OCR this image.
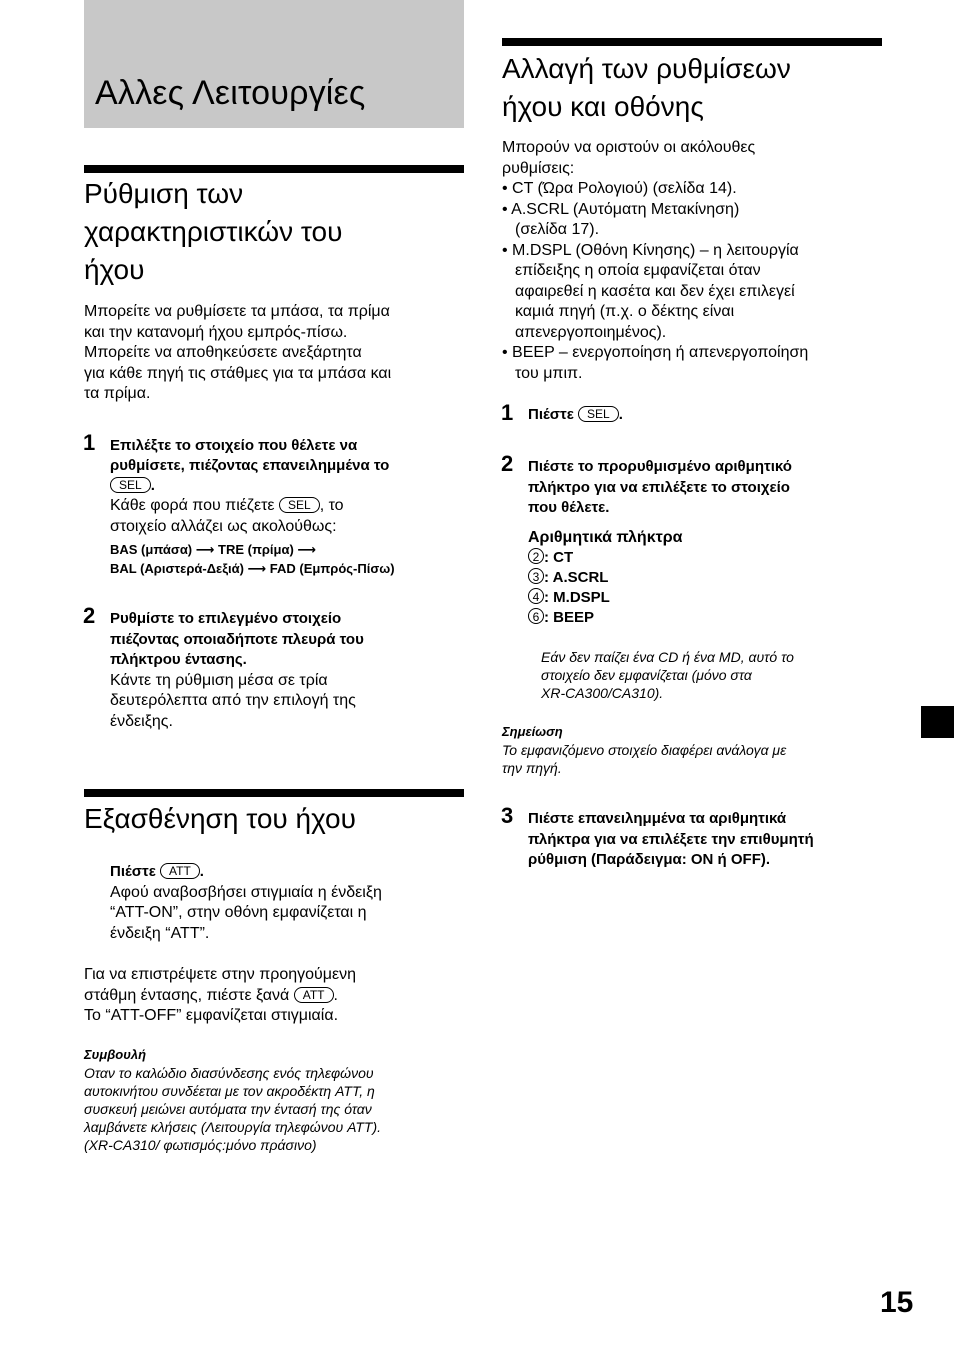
Αλλες Λειτουργίες
Ρύθμιση των
χαρακτηριστικών του
ήχου
Μπορείτε να ρυθμίσετε τα μπάσα, τα πρίμα
και την κατανομή ήχου εμπρός-πίσω.
Μπορείτε να αποθηκεύσετε ανεξάρτητα
για κάθε πηγή τις στάθμες για τα μπάσα και
τα πρίμα.
1 Επιλέξτε το στοιχείο που θέλετε να
ρυθμίσετε, πιέζοντας επανειλημμένα το
SEL .
Κάθε φορά που πιέζετε SEL , το
στοιχείο αλλάζει ως ακολούθως:
BAS (μπάσα) ⟶ TRE (πρίμα) ⟶
BAL (Αριστερά-Δεξιά) ⟶ FAD (Εμπρός-Πίσω)
2 Ρυθμίστε το επιλεγμένο στοιχείο
πιέζοντας οποιαδήποτε πλευρά του
πλήκτρου έντασης.
Κάντε τη ρύθμιση μέσα σε τρία
δευτερόλεπτα από την επιλογή της
ένδειξης.
Εξασθένηση του ήχου
Πιέστε ATT .
Αφού αναβοσβήσει στιγμιαία η ένδειξη
“ATT-ON”, στην οθόνη εμφανίζεται η
ένδειξη “ATT”.
Για να επιστρέψετε στην προηγούμενη
στάθμη έντασης, πιέστε ξανά ATT .
Το “ATT-OFF” εμφανίζεται στιγμιαία.
Συμβουλή
Οταν το καλώδιο διασύνδεσης ενός τηλεφώνου
αυτοκινήτου συνδέεται με τον ακροδέκτη ATT, η
συσκευή μειώνει αυτόματα την έντασή της όταν
λαμβάνετε κλήσεις (Λειτουργία τηλεφώνου ATT).
(XR-CA310/ φωτισμός:μόνο πράσινο)
Αλλαγή των ρυθμίσεων
ήχου και οθόνης
Μπορούν να οριστούν οι ακόλουθες
ρυθμίσεις:
• CT (Ώρα Ρολογιού) (σελίδα 14).
• A.SCRL (Αυτόματη Μετακίνηση)
(σελίδα 17).
• M.DSPL (Οθόνη Κίνησης) – η λειτουργία
επίδειξης η οποία εμφανίζεται όταν
αφαιρεθεί η κασέτα και δεν έχει επιλεγεί
καμιά πηγή (π.χ. ο δέκτης είναι
απενεργοποιημένος).
• BEEP – ενεργοποίηση ή απενεργοποίηση
του μπιπ.
1 Πιέστε SEL .
2 Πιέστε το προρυθμισμένο αριθμητικό
πλήκτρο για να επιλέξετε το στοιχείο
που θέλετε.
Αριθμητικά πλήκτρα
2 : CT
3 : A.SCRL
4 : M.DSPL
6 : BEEP
Εάν δεν παίζει ένα CD ή ένα MD, αυτό το
στοιχείο δεν εμφανίζεται (μόνο στα
XR-CA300/CA310).
Σημείωση
Το εμφανιζόμενο στοιχείο διαφέρει ανάλογα με
την πηγή.
3 Πιέστε επανειλημμένα τα αριθμητικά
πλήκτρα για να επιλέξετε την επιθυμητή
ρύθμιση (Παράδειγμα: ON ή OFF).
15
